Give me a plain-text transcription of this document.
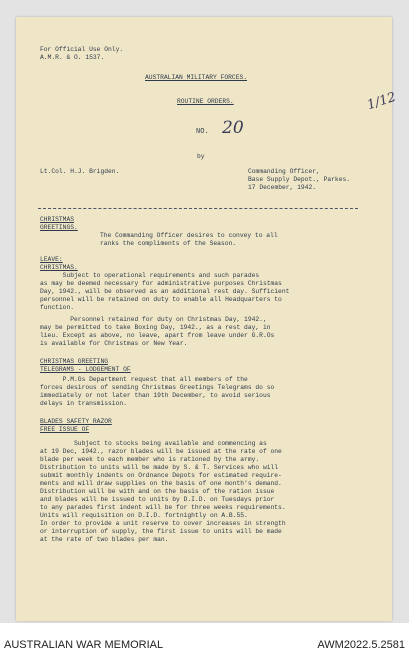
For Official Use Only.
A.M.R. & O. 1537.
AUSTRALIAN MILITARY FORCES.
ROUTINE ORDERS.	1/12
NO. 20
by
Lt.Col. H.J. Brigden.	Commanding Officer,
Base Supply Depot., Parkes.
17 December, 1942.
CHRISTMAS
GREETINGS.
The Commanding Officer desires to convey to all
ranks the compliments of the Season.
LEAVE:
CHRISTMAS.
Subject to operational requirements and such parades
as may be deemed necessary for administrative purposes Christmas
Day, 1942., will be observed as an additional rest day. Sufficient
personnel will be retained on duty to enable all Headquarters to
function.
Personnel retained for duty on Christmas Day, 1942.,
may be permitted to take Boxing Day, 1942., as a rest day, in
lieu. Except as above, no leave, apart from leave under G.R.Os
is available for Christmas or New Year.
CHRISTMAS GREETING
TELEGRAMS - LODGEMENT OF
P.M.Gs Department request that all members of the
forces desirous of sending Christmas Greetings Telegrams do so
immediately or not later than 19th December, to avoid serious
delays in transmission.
BLADES SAFETY RAZOR
FREE ISSUE OF
Subject to stocks being available and commencing as
at 19 Dec, 1942., razor blades will be issued at the rate of one
blade per week to each member who is rationed by the army.
Distribution to units will be made by S. & T. Services who will
submit monthly indents on Ordnance Depots for estimated require-
ments and will draw supplies on the basis of one month's demand.
Distribution will be with and on the basis of the ration issue
and blades will be issued to units by D.I.D. on Tuesdays prior
to any parades first indent will be for three weeks requirements.
Units will requisition on D.I.D. fortnightly on A.B.55.
In order to provide a unit reserve to cover increases in strength
or interruption of supply, the first issue to units will be made
at the rate of two blades per man.
AUSTRALIAN WAR MEMORIAL	AWM2022.5.2581
